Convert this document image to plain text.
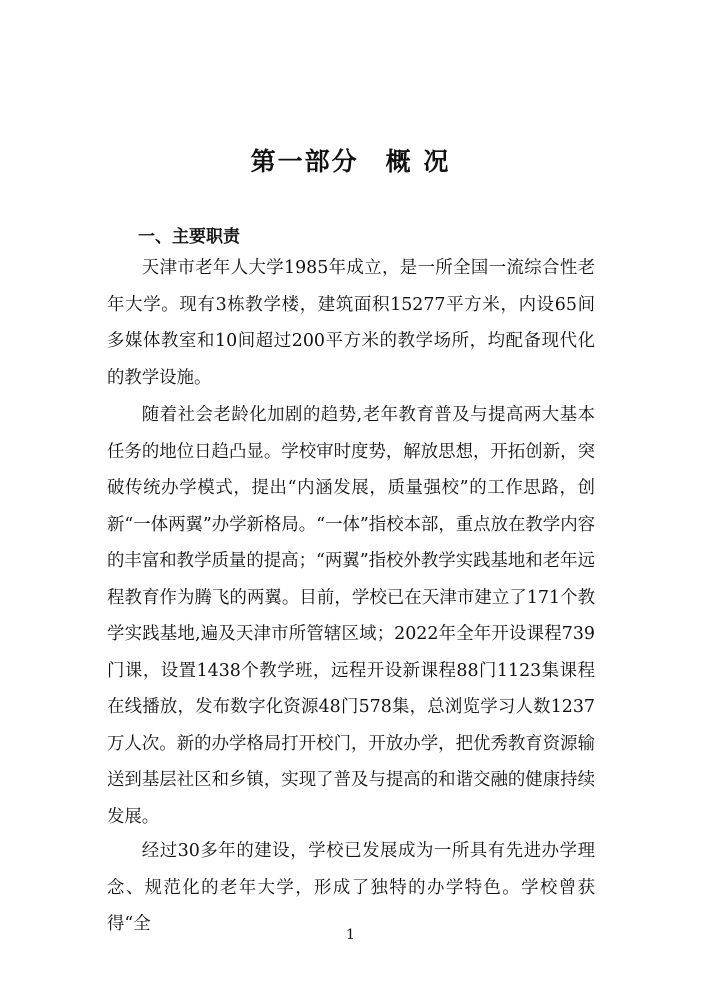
第一部分　概 况
一、主要职责

天津市老年人大学1985年成立，是一所全国一流综合性老年大学。现有3栋教学楼，建筑面积15277平方米，内设65间多媒体教室和10间超过200平方米的教学场所，均配备现代化的教学设施。

随着社会老龄化加剧的趋势,老年教育普及与提高两大基本任务的地位日趋凸显。学校审时度势，解放思想，开拓创新，突破传统办学模式，提出“内涵发展，质量强校”的工作思路，创新“一体两翼”办学新格局。“一体”指校本部，重点放在教学内容的丰富和教学质量的提高；“两翼”指校外教学实践基地和老年远程教育作为腾飞的两翼。目前，学校已在天津市建立了171个教学实践基地,遍及天津市所管辖区域；2022年全年开设课程739门课，设置1438个教学班，远程开设新课程88门1123集课程在线播放，发布数字化资源48门578集，总浏览学习人数1237万人次。新的办学格局打开校门，开放办学，把优秀教育资源输送到基层社区和乡镇，实现了普及与提高的和谐交融的健康持续发展。

经过30多年的建设，学校已发展成为一所具有先进办学理念、规范化的老年大学，形成了独特的办学特色。学校曾获得“全

1
